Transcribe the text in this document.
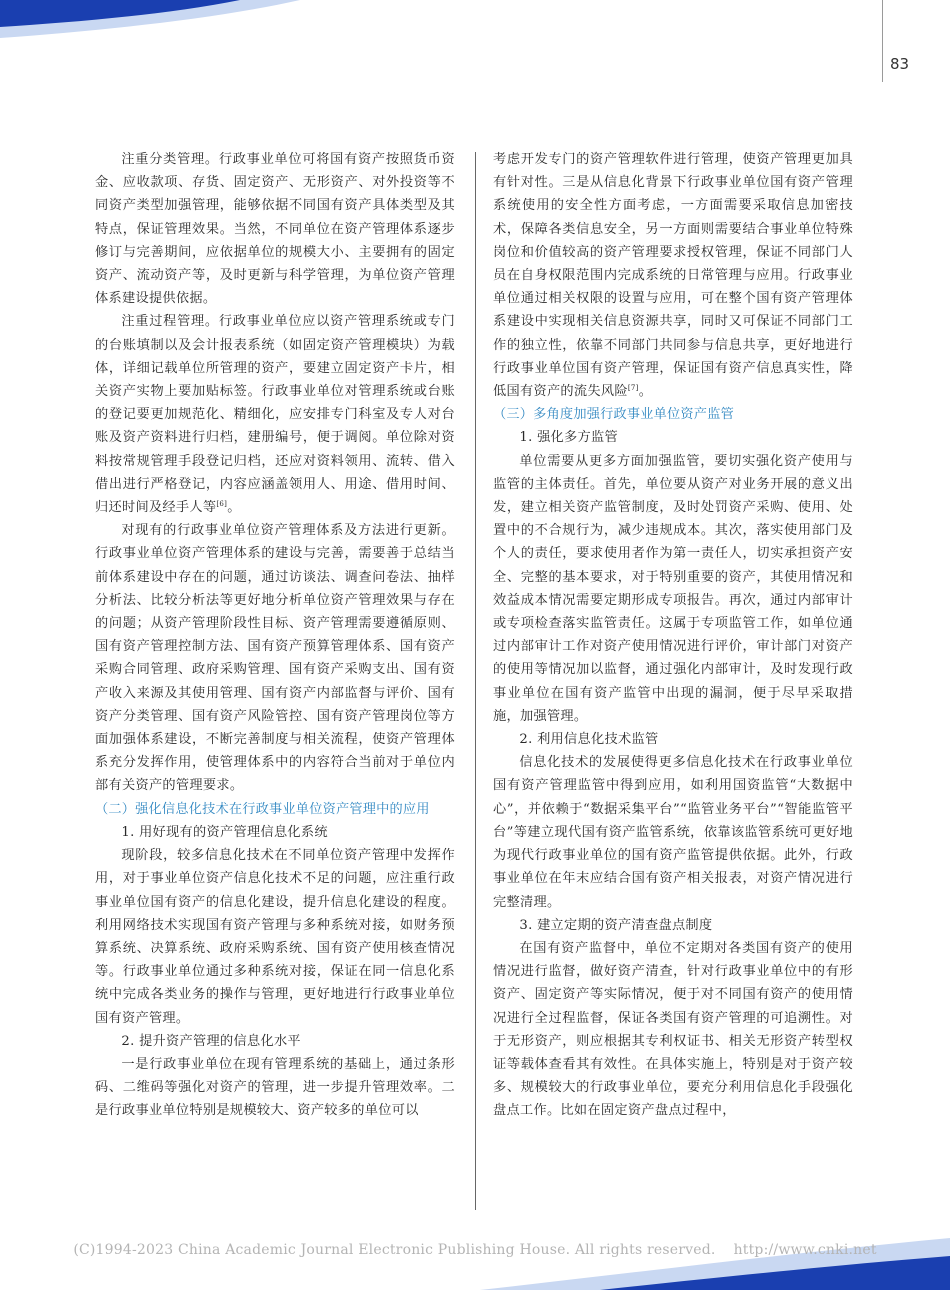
83

注重分类管理。行政事业单位可将国有资产按照货币资金、应收款项、存货、固定资产、无形资产、对外投资等不同资产类型加强管理，能够依据不同国有资产具体类型及其特点，保证管理效果。当然，不同单位在资产管理体系逐步修订与完善期间，应依据单位的规模大小、主要拥有的固定资产、流动资产等，及时更新与科学管理，为单位资产管理体系建设提供依据。

注重过程管理。行政事业单位应以资产管理系统或专门的台账填制以及会计报表系统（如固定资产管理模块）为载体，详细记载单位所管理的资产，要建立固定资产卡片，相关资产实物上要加贴标签。行政事业单位对管理系统或台账的登记要更加规范化、精细化，应安排专门科室及专人对台账及资产资料进行归档，建册编号，便于调阅。单位除对资料按常规管理手段登记归档，还应对资料领用、流转、借入借出进行严格登记，内容应涵盖领用人、用途、借用时间、归还时间及经手人等[6]。

对现有的行政事业单位资产管理体系及方法进行更新。行政事业单位资产管理体系的建设与完善，需要善于总结当前体系建设中存在的问题，通过访谈法、调查问卷法、抽样分析法、比较分析法等更好地分析单位资产管理效果与存在的问题；从资产管理阶段性目标、资产管理需要遵循原则、国有资产管理控制方法、国有资产预算管理体系、国有资产采购合同管理、政府采购管理、国有资产采购支出、国有资产收入来源及其使用管理、国有资产内部监督与评价、国有资产分类管理、国有资产风险管控、国有资产管理岗位等方面加强体系建设，不断完善制度与相关流程，使资产管理体系充分发挥作用，使管理体系中的内容符合当前对于单位内部有关资产的管理要求。

（二）强化信息化技术在行政事业单位资产管理中的应用

1. 用好现有的资产管理信息化系统

现阶段，较多信息化技术在不同单位资产管理中发挥作用，对于事业单位资产信息化技术不足的问题，应注重行政事业单位国有资产的信息化建设，提升信息化建设的程度。利用网络技术实现国有资产管理与多种系统对接，如财务预算系统、决算系统、政府采购系统、国有资产使用核查情况等。行政事业单位通过多种系统对接，保证在同一信息化系统中完成各类业务的操作与管理，更好地进行行政事业单位国有资产管理。

2. 提升资产管理的信息化水平

一是行政事业单位在现有管理系统的基础上，通过条形码、二维码等强化对资产的管理，进一步提升管理效率。二是行政事业单位特别是规模较大、资产较多的单位可以

考虑开发专门的资产管理软件进行管理，使资产管理更加具有针对性。三是从信息化背景下行政事业单位国有资产管理系统使用的安全性方面考虑，一方面需要采取信息加密技术，保障各类信息安全，另一方面则需要结合事业单位特殊岗位和价值较高的资产管理要求授权管理，保证不同部门人员在自身权限范围内完成系统的日常管理与应用。行政事业单位通过相关权限的设置与应用，可在整个国有资产管理体系建设中实现相关信息资源共享，同时又可保证不同部门工作的独立性，依靠不同部门共同参与信息共享，更好地进行行政事业单位国有资产管理，保证国有资产信息真实性，降低国有资产的流失风险[7]。

（三）多角度加强行政事业单位资产监管

1. 强化多方监管

单位需要从更多方面加强监管，要切实强化资产使用与监管的主体责任。首先，单位要从资产对业务开展的意义出发，建立相关资产监管制度，及时处罚资产采购、使用、处置中的不合规行为，减少违规成本。其次，落实使用部门及个人的责任，要求使用者作为第一责任人，切实承担资产安全、完整的基本要求，对于特别重要的资产，其使用情况和效益成本情况需要定期形成专项报告。再次，通过内部审计或专项检查落实监管责任。这属于专项监管工作，如单位通过内部审计工作对资产使用情况进行评价，审计部门对资产的使用等情况加以监督，通过强化内部审计，及时发现行政事业单位在国有资产监管中出现的漏洞，便于尽早采取措施，加强管理。

2. 利用信息化技术监管

信息化技术的发展使得更多信息化技术在行政事业单位国有资产管理监管中得到应用，如利用国资监管“大数据中心”，并依赖于“数据采集平台”“监管业务平台”“智能监管平台”等建立现代国有资产监管系统，依靠该监管系统可更好地为现代行政事业单位的国有资产监管提供依据。此外，行政事业单位在年末应结合国有资产相关报表，对资产情况进行完整清理。

3. 建立定期的资产清查盘点制度

在国有资产监督中，单位不定期对各类国有资产的使用情况进行监督，做好资产清查，针对行政事业单位中的有形资产、固定资产等实际情况，便于对不同国有资产的使用情况进行全过程监督，保证各类国有资产管理的可追溯性。对于无形资产，则应根据其专利权证书、相关无形资产转型权证等载体查看其有效性。在具体实施上，特别是对于资产较多、规模较大的行政事业单位，要充分利用信息化手段强化盘点工作。比如在固定资产盘点过程中，

(C)1994-2023 China Academic Journal Electronic Publishing House. All rights reserved. http://www.cnki.net
